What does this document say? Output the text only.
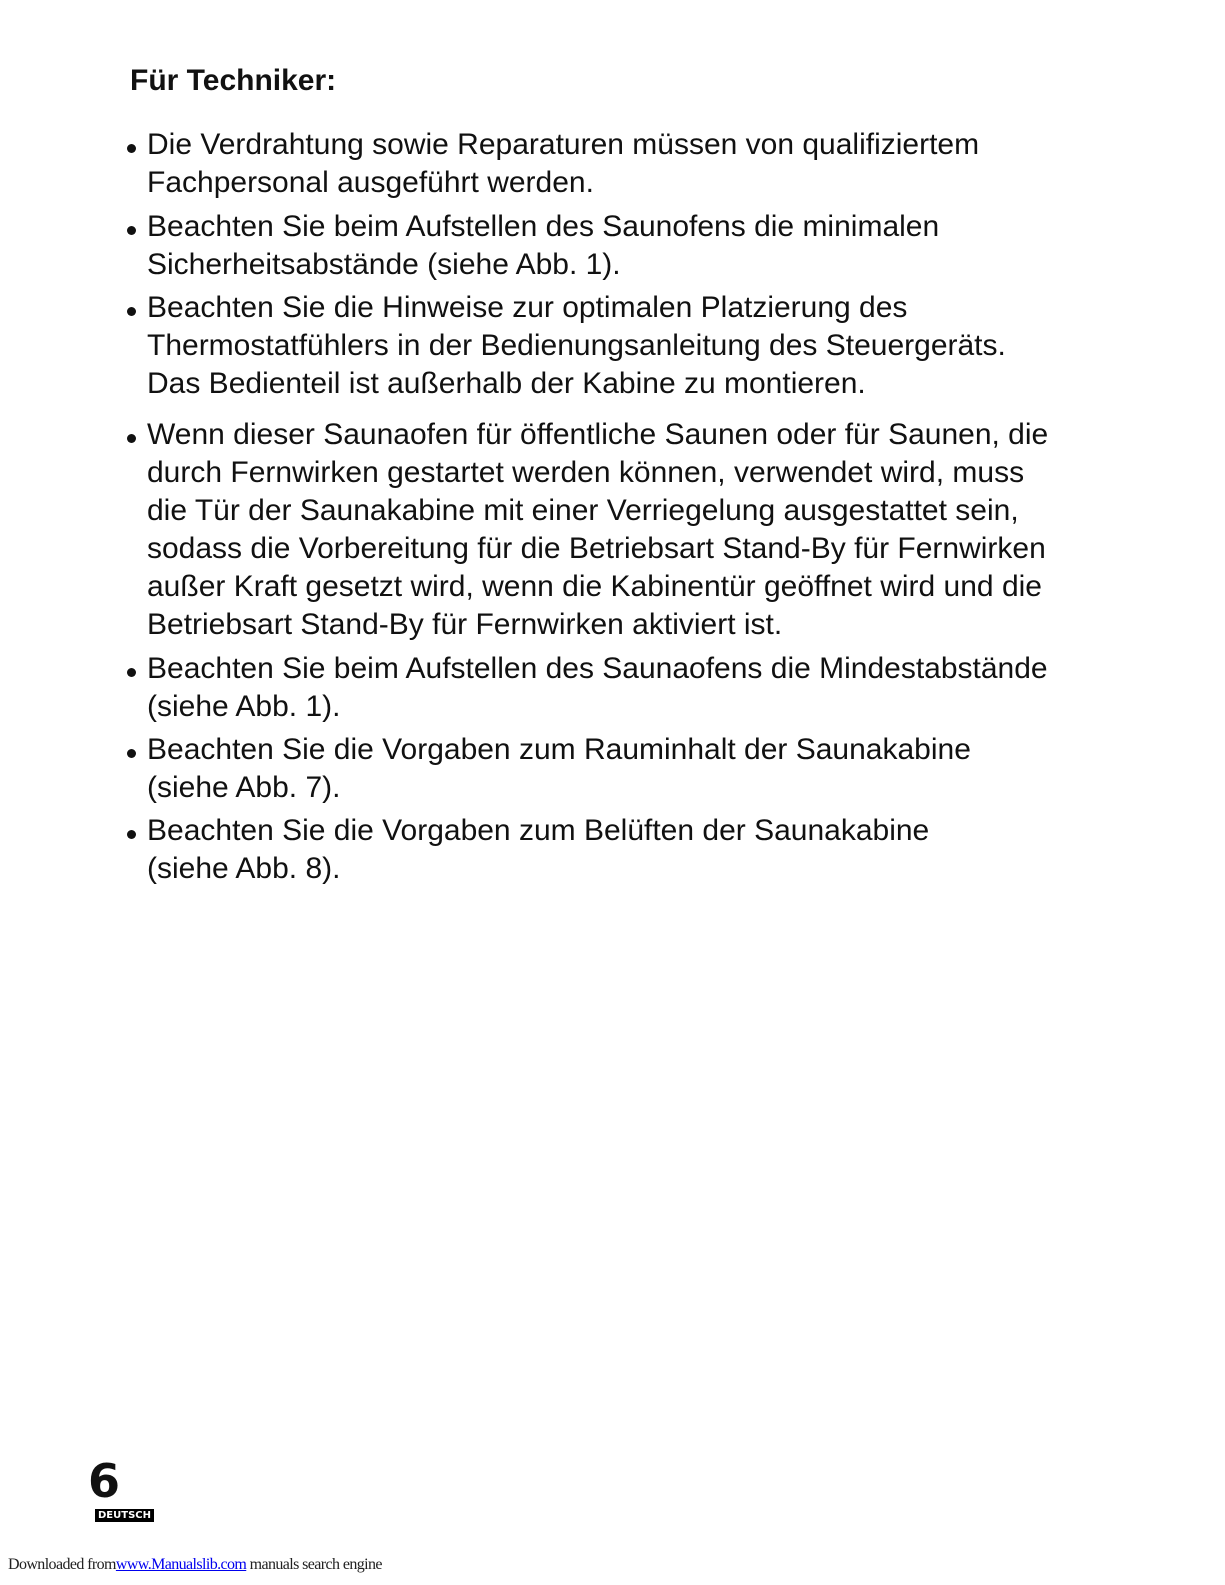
Für Techniker:
Die Verdrahtung sowie Reparaturen müssen von qualifiziertem
Fachpersonal ausgeführt werden.
Beachten Sie beim Aufstellen des Saunofens die minimalen
Sicherheitsabstände (siehe Abb. 1).
Beachten Sie die Hinweise zur optimalen Platzierung des
Thermostatfühlers in der Bedienungsanleitung des Steuergeräts.
Das Bedienteil ist außerhalb der Kabine zu montieren.
Wenn dieser Saunaofen für öffentliche Saunen oder für Saunen, die
durch Fernwirken gestartet werden können, verwendet wird, muss
die Tür der Saunakabine mit einer Verriegelung ausgestattet sein,
sodass die Vorbereitung für die Betriebsart Stand-By für Fernwirken
außer Kraft gesetzt wird, wenn die Kabinentür geöffnet wird und die
Betriebsart Stand-By für Fernwirken aktiviert ist.
Beachten Sie beim Aufstellen des Saunaofens die Mindestabstände
(siehe Abb. 1).
Beachten Sie die Vorgaben zum Rauminhalt der Saunakabine
(siehe Abb. 7).
Beachten Sie die Vorgaben zum Belüften der Saunakabine
(siehe Abb. 8).
6
DEUTSCH
Downloaded fromwww.Manualslib.com manuals search engine
